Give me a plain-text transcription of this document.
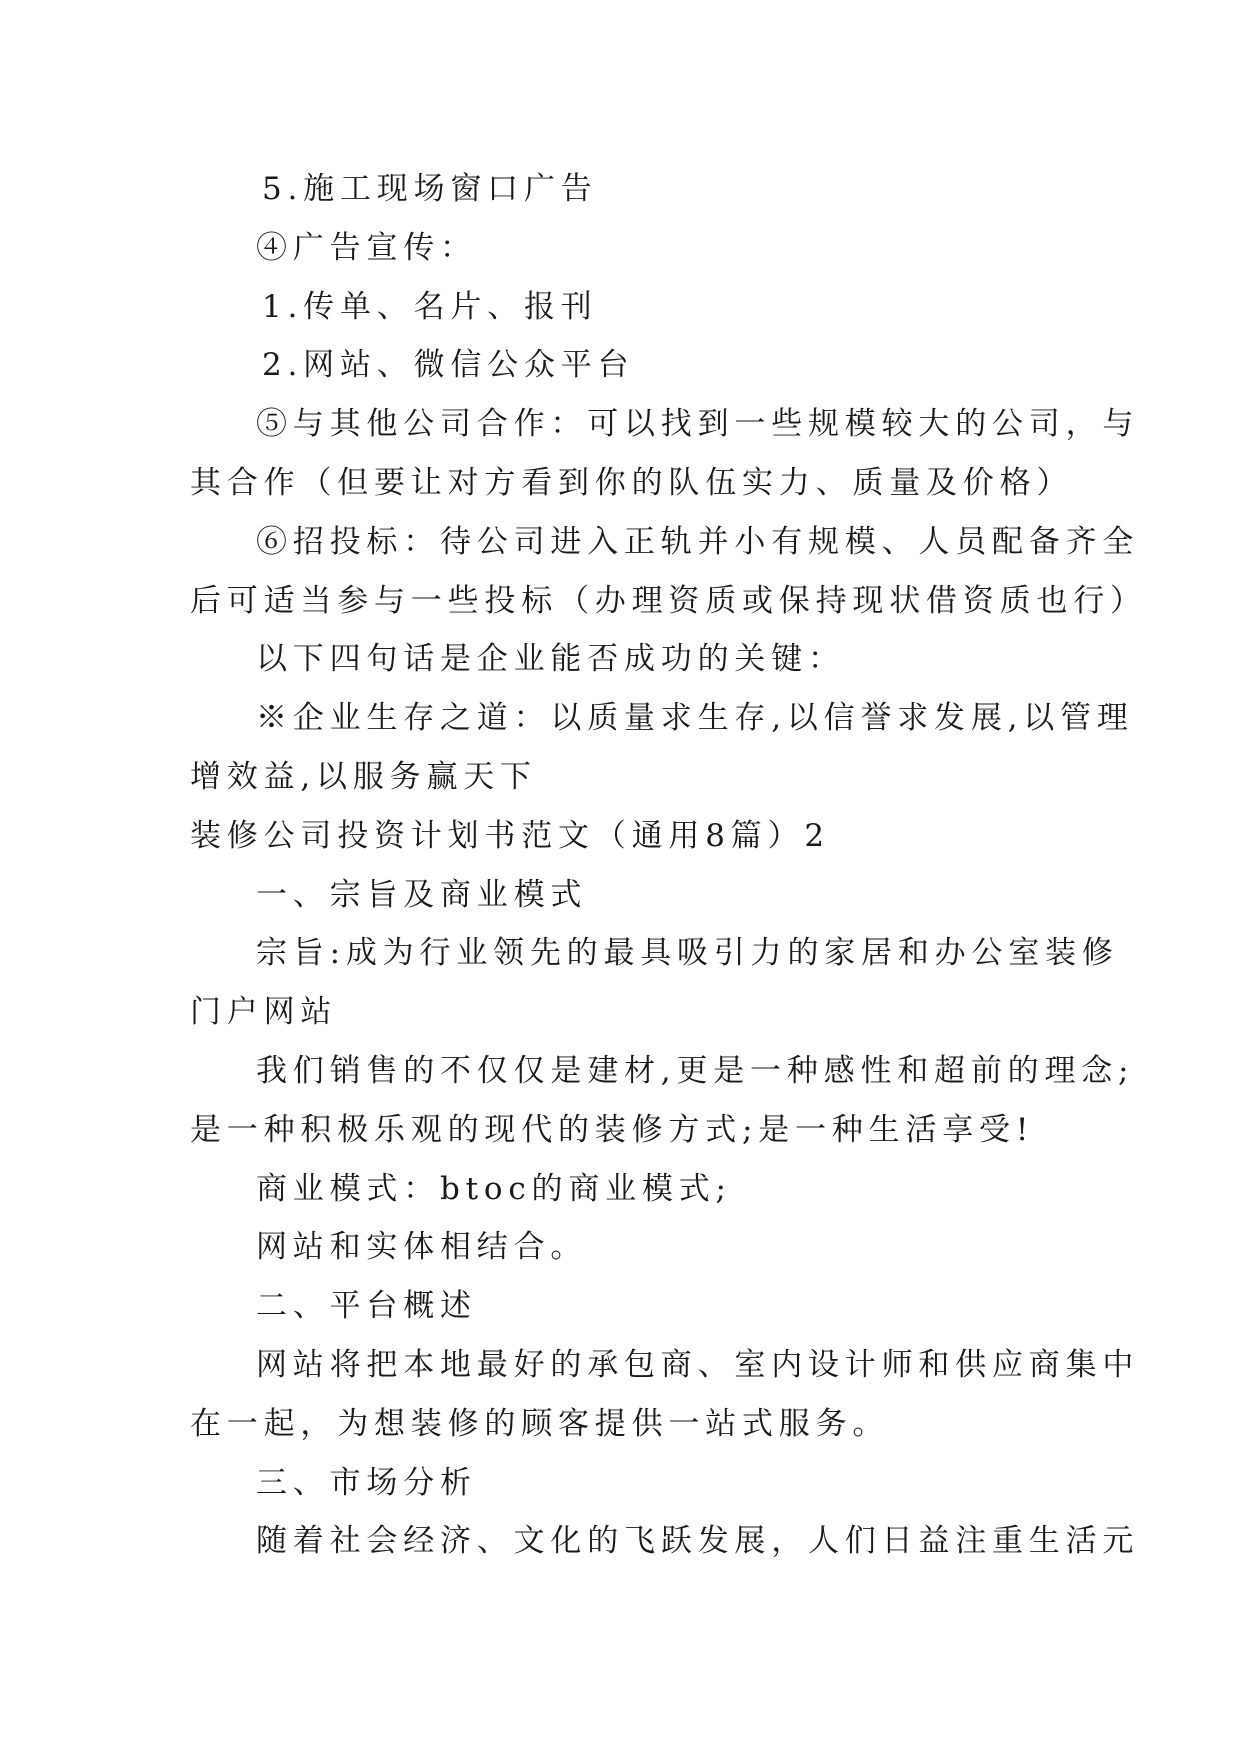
5.施工现场窗口广告
④广告宣传：
1.传单、名片、报刊
2.网站、微信公众平台
⑤与其他公司合作：可以找到一些规模较大的公司，与
其合作（但要让对方看到你的队伍实力、质量及价格）
⑥招投标：待公司进入正轨并小有规模、人员配备齐全
后可适当参与一些投标（办理资质或保持现状借资质也行）
以下四句话是企业能否成功的关键：
※企业生存之道：以质量求生存,以信誉求发展,以管理
增效益,以服务赢天下
装修公司投资计划书范文（通用8篇）2
一、宗旨及商业模式
宗旨:成为行业领先的最具吸引力的家居和办公室装修
门户网站
我们销售的不仅仅是建材,更是一种感性和超前的理念;
是一种积极乐观的现代的装修方式;是一种生活享受!
商业模式：btoc的商业模式;
网站和实体相结合。
二、平台概述
网站将把本地最好的承包商、室内设计师和供应商集中
在一起，为想装修的顾客提供一站式服务。
三、市场分析
随着社会经济、文化的飞跃发展，人们日益注重生活元
